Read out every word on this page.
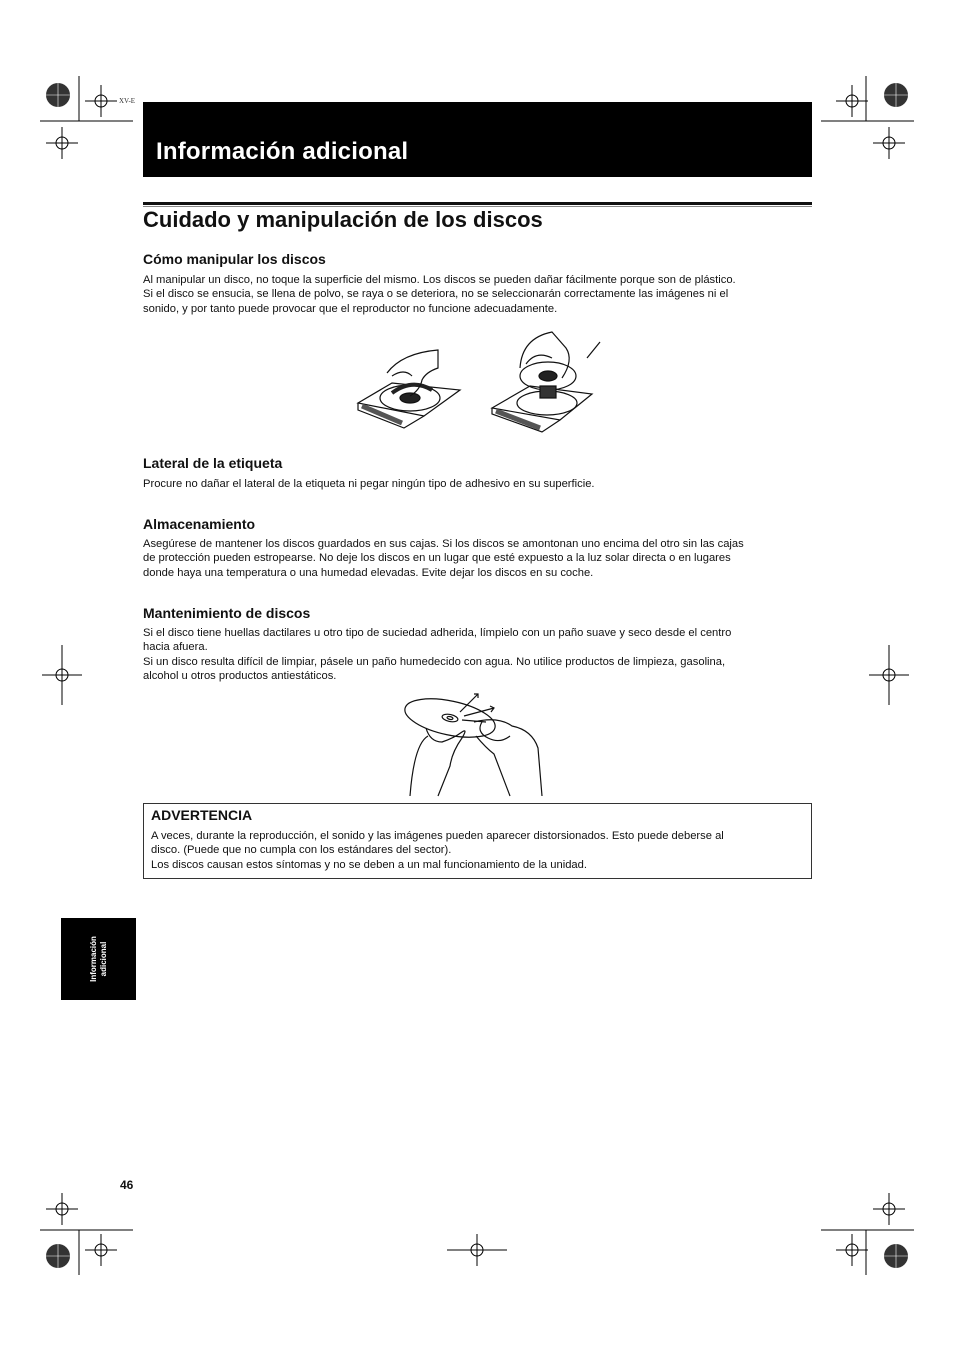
XV-E
Información adicional
Cuidado y manipulación de los discos
Cómo manipular los discos

Al manipular un disco, no toque la superficie del mismo. Los discos se pueden dañar fácilmente porque son de plástico.
Si el disco se ensucia, se llena de polvo, se raya o se deteriora, no se seleccionarán correctamente las imágenes ni el
sonido, y por tanto puede provocar que el reproductor no funcione adecuadamente.

Lateral de la etiqueta

Procure no dañar el lateral de la etiqueta ni pegar ningún tipo de adhesivo en su superficie.

Almacenamiento

Asegúrese de mantener los discos guardados en sus cajas. Si los discos se amontonan uno encima del otro sin las cajas
de protección pueden estropearse. No deje los discos en un lugar que esté expuesto a la luz solar directa o en lugares
donde haya una temperatura o una humedad elevadas. Evite dejar los discos en su coche.

Mantenimiento de discos

Si el disco tiene huellas dactilares u otro tipo de suciedad adherida, límpielo con un paño suave y seco desde el centro
hacia afuera.
Si un disco resulta difícil de limpiar, pásele un paño humedecido con agua. No utilice productos de limpieza, gasolina,
alcohol u otros productos antiestáticos.

ADVERTENCIA

A veces, durante la reproducción, el sonido y las imágenes pueden aparecer distorsionados. Esto puede deberse al
disco. (Puede que no cumpla con los estándares del sector).
Los discos causan estos síntomas y no se deben a un mal funcionamiento de la unidad.

Información adicional
46
